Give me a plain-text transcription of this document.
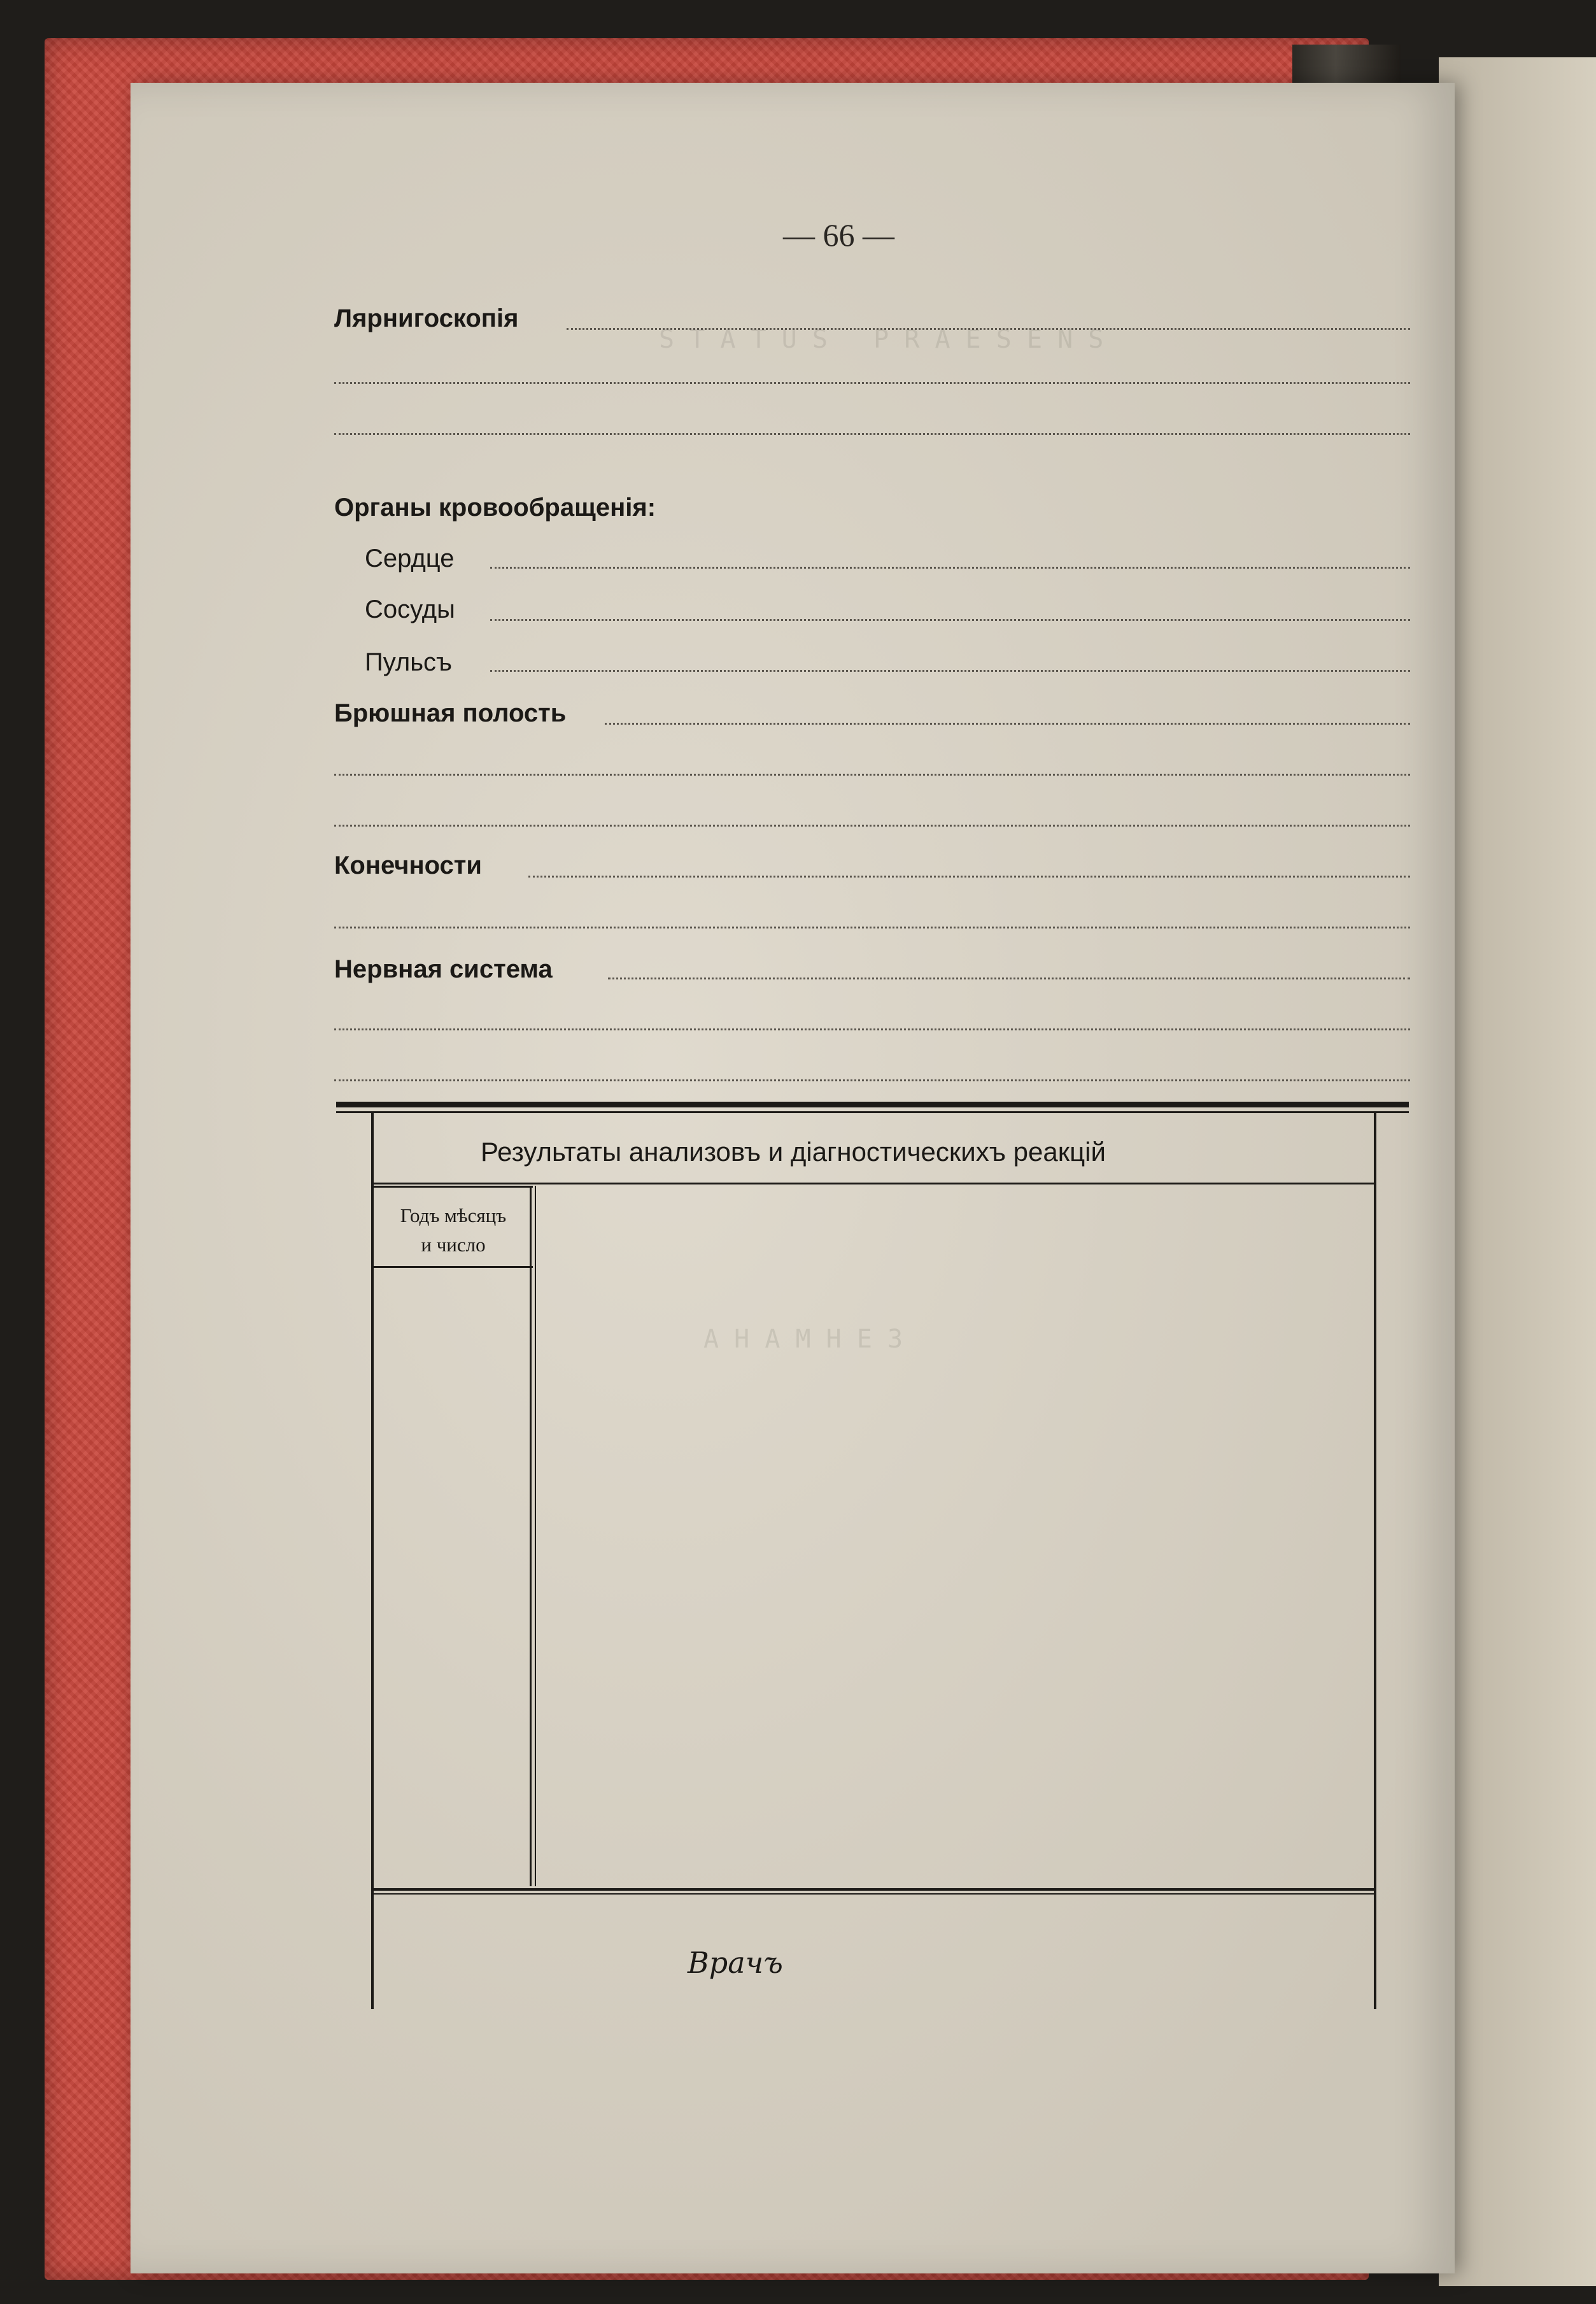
S T A T U S   P R A E S E N S
А Н А М Н Е З
— 66 —
Лярнигоскопія
Органы кровообращенія:
Сердце
Сосуды
Пульсъ
Брюшная полость
Конечности
Нервная система
Результаты анализовъ и діагностическихъ реакцій
Годъ мѣсяцъ
и число
Врачъ
